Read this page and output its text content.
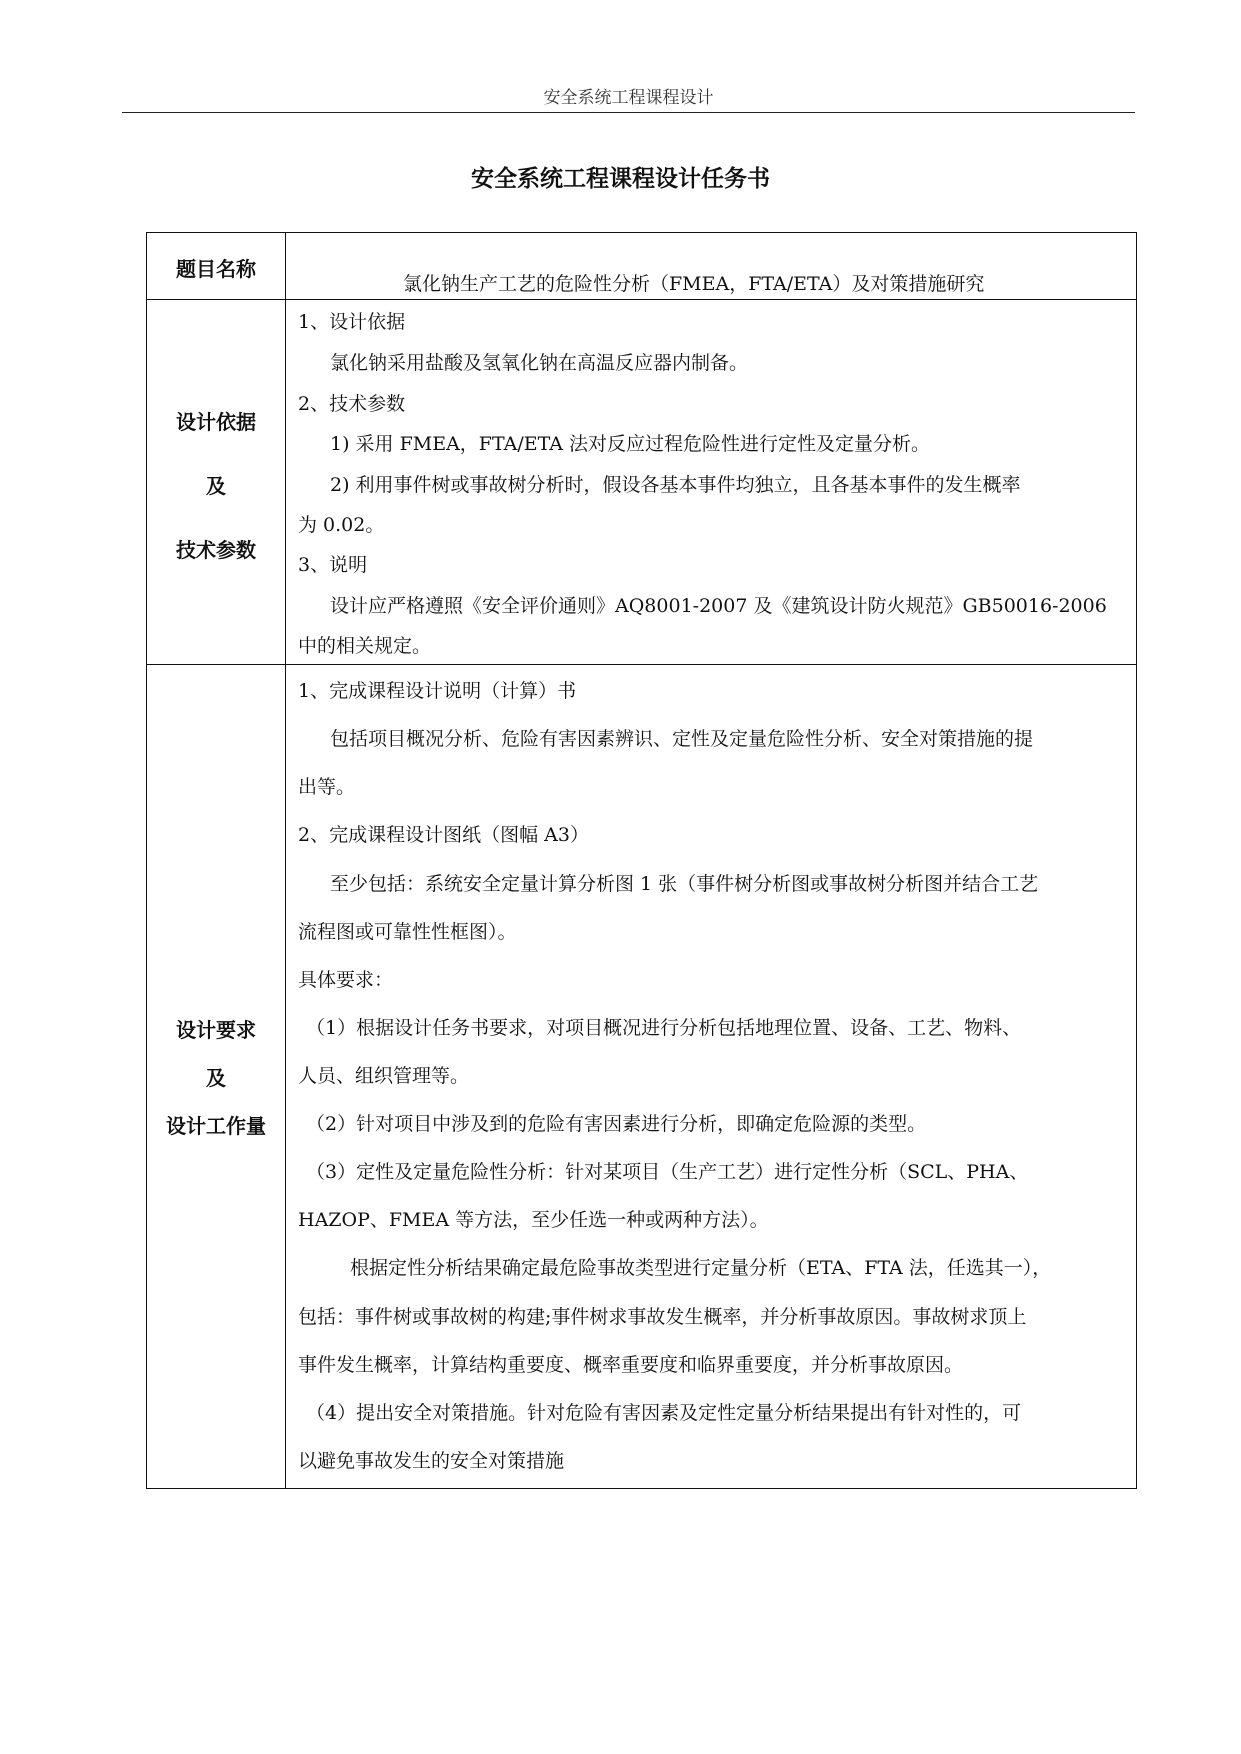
安全系统工程课程设计
安全系统工程课程设计任务书
题目名称
氯化钠生产工艺的危险性分析（FMEA，FTA/ETA）及对策措施研究
设计依据
及
技术参数
1、设计依据
氯化钠采用盐酸及氢氧化钠在高温反应器内制备。
2、技术参数
1) 采用 FMEA，FTA/ETA 法对反应过程危险性进行定性及定量分析。
2) 利用事件树或事故树分析时，假设各基本事件均独立，且各基本事件的发生概率
为 0.02。
3、说明
设计应严格遵照《安全评价通则》AQ8001-2007 及《建筑设计防火规范》GB50016-2006
中的相关规定。
设计要求
及
设计工作量
1、完成课程设计说明（计算）书
包括项目概况分析、危险有害因素辨识、定性及定量危险性分析、安全对策措施的提
出等。
2、完成课程设计图纸（图幅 A3）
至少包括：系统安全定量计算分析图 1 张（事件树分析图或事故树分析图并结合工艺
流程图或可靠性性框图）。
具体要求：
（1）根据设计任务书要求，对项目概况进行分析包括地理位置、设备、工艺、物料、
人员、组织管理等。
（2）针对项目中涉及到的危险有害因素进行分析，即确定危险源的类型。
（3）定性及定量危险性分析：针对某项目（生产工艺）进行定性分析（SCL、PHA、
HAZOP、FMEA 等方法，至少任选一种或两种方法）。
根据定性分析结果确定最危险事故类型进行定量分析（ETA、FTA 法，任选其一），
包括：事件树或事故树的构建;事件树求事故发生概率，并分析事故原因。事故树求顶上
事件发生概率，计算结构重要度、概率重要度和临界重要度，并分析事故原因。
（4）提出安全对策措施。针对危险有害因素及定性定量分析结果提出有针对性的，可
以避免事故发生的安全对策措施
